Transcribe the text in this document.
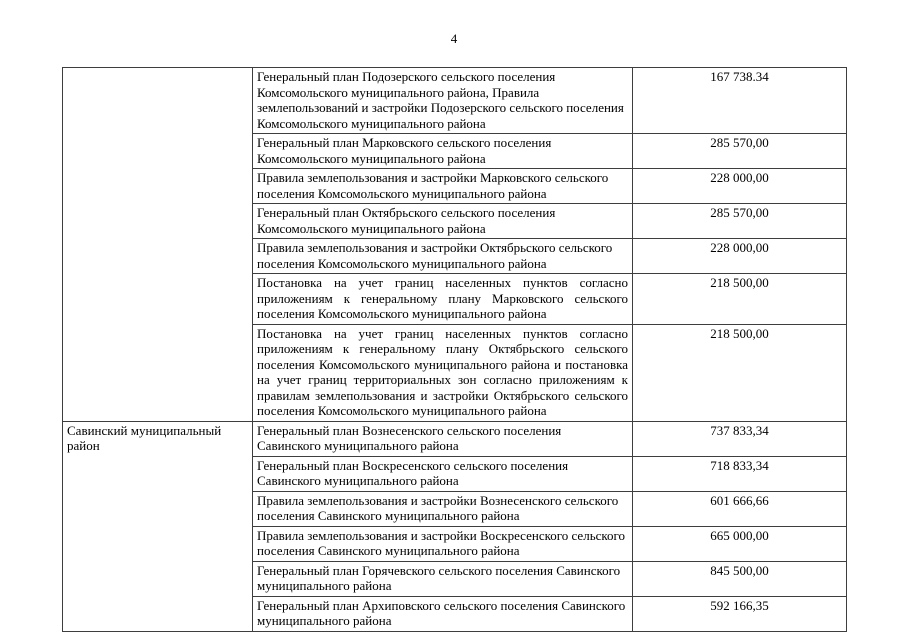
4
	Генеральный план Подозерского сельского поселения Комсомольского муниципального района, Правила землепользований и застройки Подозерского сельского поселения Комсомольского муниципального района	167 738.34
	Генеральный план Марковского сельского поселения Комсомольского муниципального района	285 570,00
	Правила землепользования и застройки Марковского сельского поселения Комсомольского муниципального района	228 000,00
	Генеральный план Октябрьского сельского поселения Комсомольского муниципального района	285 570,00
	Правила землепользования и застройки Октябрьского сельского поселения Комсомольского муниципального района	228 000,00
	Постановка на учет границ населенных пунктов согласно приложениям к генеральному плану Марковского сельского поселения Комсомольского муниципального района	218 500,00
	Постановка на учет границ населенных пунктов согласно приложениям к генеральному плану Октябрьского сельского поселения Комсомольского муниципального района и постановка на учет границ территориальных зон согласно приложениям к правилам землепользования и застройки Октябрьского сельского поселения Комсомольского муниципального района	218 500,00
Савинский муниципальный район	Генеральный план Вознесенского сельского поселения Савинского муниципального района	737 833,34
	Генеральный план Воскресенского сельского поселения Савинского муниципального района	718 833,34
	Правила землепользования и застройки Вознесенского сельского поселения Савинского муниципального района	601 666,66
	Правила землепользования и застройки Воскресенского сельского поселения Савинского муниципального района	665 000,00
	Генеральный план Горячевского сельского поселения Савинского муниципального района	845 500,00
	Генеральный план Архиповского сельского поселения Савинского муниципального района	592 166,35
